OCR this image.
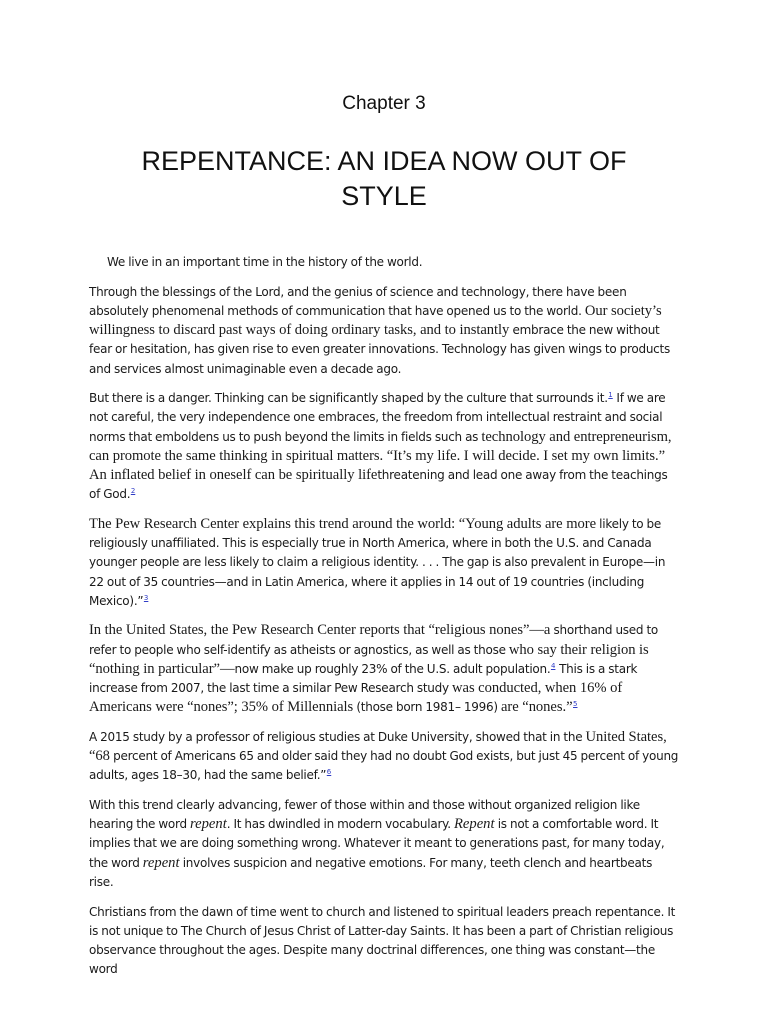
Chapter 3
REPENTANCE: AN IDEA NOW OUT OF STYLE

We live in an important time in the history of the world.

Through the blessings of the Lord, and the genius of science and technology, there have been absolutely phenomenal methods of communication that have opened us to the world. Our society’s willingness to discard past ways of doing ordinary tasks, and to instantly embrace the new without fear or hesitation, has given rise to even greater innovations. Technology has given wings to products and services almost unimaginable even a decade ago.

But there is a danger. Thinking can be significantly shaped by the culture that surrounds it.$^1$ If we are not careful, the very independence one embraces, the freedom from intellectual restraint and social norms that emboldens us to push beyond the limits in fields such as technology and entrepreneurism, can promote the same thinking in spiritual matters. “It’s my life. I will decide. I set my own limits.” An inflated belief in oneself can be spiritually lifethreatening and lead one away from the teachings of God.$^2$

The Pew Research Center explains this trend around the world: “Young adults are more likely to be religiously unaffiliated. This is especially true in North America, where in both the U.S. and Canada younger people are less likely to claim a religious identity. . . . The gap is also prevalent in Europe—in 22 out of 35 countries—and in Latin America, where it applies in 14 out of 19 countries (including Mexico).”$^3$

In the United States, the Pew Research Center reports that “religious nones”—a shorthand used to refer to people who self-identify as atheists or agnostics, as well as those who say their religion is “nothing in particular”—now make up roughly 23% of the U.S. adult population.$^4$ This is a stark increase from 2007, the last time a similar Pew Research study was conducted, when 16% of Americans were “nones”; 35% of Millennials (those born 1981– 1996) are “nones.”$^5$

A 2015 study by a professor of religious studies at Duke University, showed that in the United States, “68 percent of Americans 65 and older said they had no doubt God exists, but just 45 percent of young adults, ages 18–30, had the same belief.”$^6$

With this trend clearly advancing, fewer of those within and those without organized religion like hearing the word repent. It has dwindled in modern vocabulary. Repent is not a comfortable word. It implies that we are doing something wrong. Whatever it meant to generations past, for many today, the word repent involves suspicion and negative emotions. For many, teeth clench and heartbeats rise.

Christians from the dawn of time went to church and listened to spiritual leaders preach repentance. It is not unique to The Church of Jesus Christ of Latter-day Saints. It has been a part of Christian religious observance throughout the ages. Despite many doctrinal differences, one thing was constant—the word
